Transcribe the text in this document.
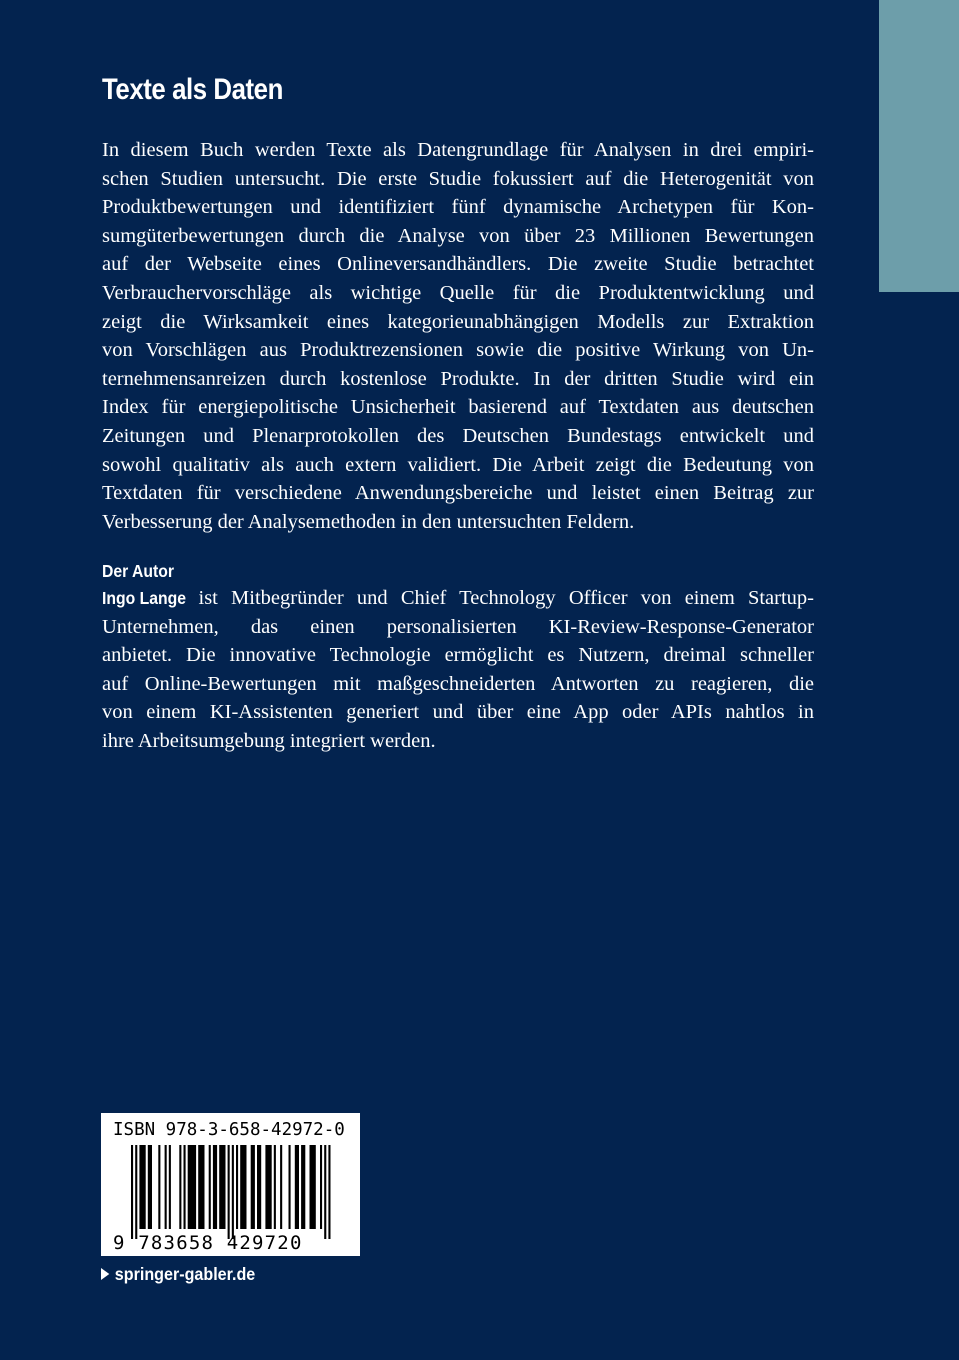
Texte als Daten
In diesem Buch werden Texte als Datengrundlage für Analysen in drei empiri-
schen Studien untersucht. Die erste Studie fokussiert auf die Heterogenität von
Produktbewertungen und identifiziert fünf dynamische Archetypen für Kon-
sumgüterbewertungen durch die Analyse von über 23 Millionen Bewertungen
auf der Webseite eines Onlineversandhändlers. Die zweite Studie betrachtet
Verbrauchervorschläge als wichtige Quelle für die Produktentwicklung und
zeigt die Wirksamkeit eines kategorieunabhängigen Modells zur Extraktion
von Vorschlägen aus Produktrezensionen sowie die positive Wirkung von Un-
ternehmensanreizen durch kostenlose Produkte. In der dritten Studie wird ein
Index für energiepolitische Unsicherheit basierend auf Textdaten aus deutschen
Zeitungen und Plenarprotokollen des Deutschen Bundestags entwickelt und
sowohl qualitativ als auch extern validiert. Die Arbeit zeigt die Bedeutung von
Textdaten für verschiedene Anwendungsbereiche und leistet einen Beitrag zur
Verbesserung der Analysemethoden in den untersuchten Feldern.
Der Autor
Ingo Lange ist Mitbegründer und Chief Technology Officer von einem Startup-
Unternehmen, das einen personalisierten KI-Review-Response-Generator
anbietet. Die innovative Technologie ermöglicht es Nutzern, dreimal schneller
auf Online-Bewertungen mit maßgeschneiderten Antworten zu reagieren, die
von einem KI-Assistenten generiert und über eine App oder APIs nahtlos in
ihre Arbeitsumgebung integriert werden.
ISBN 978-3-658-42972-0
9 783658 429720
springer-gabler.de
